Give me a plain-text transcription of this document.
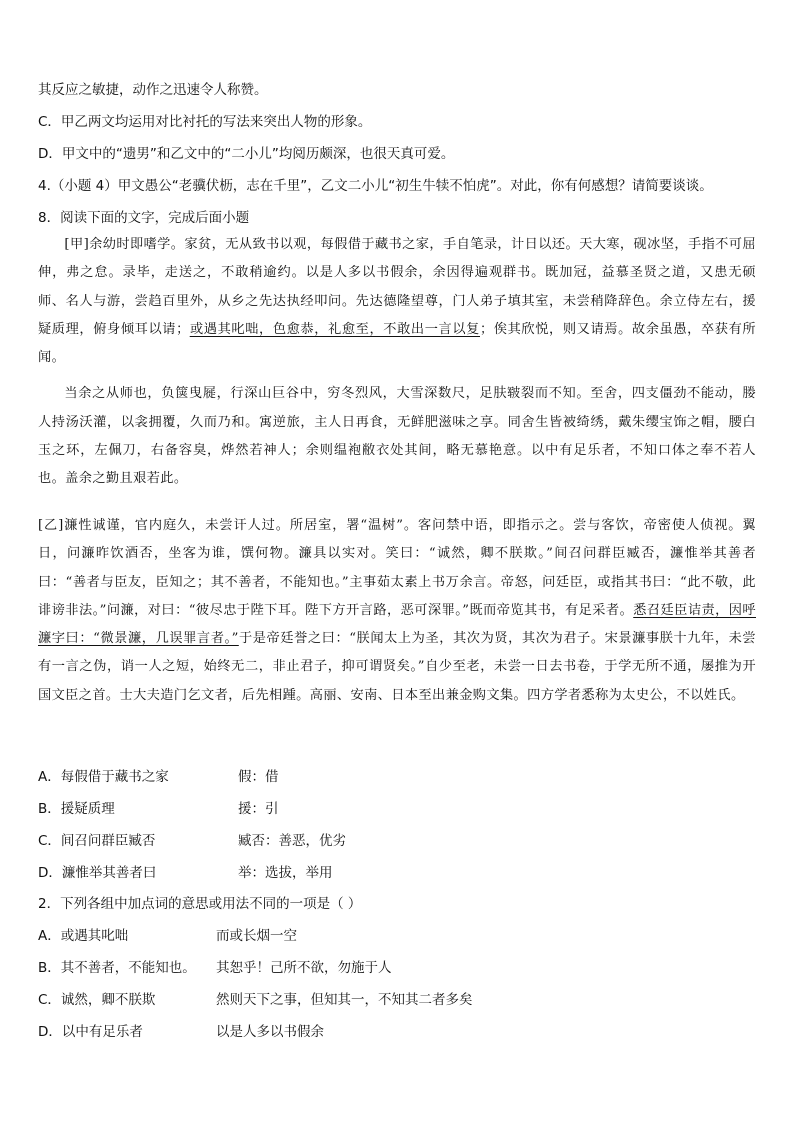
其反应之敏捷，动作之迅速令人称赞。
C．甲乙两文均运用对比衬托的写法来突出人物的形象。
D．甲文中的“遗男”和乙文中的“二小儿”均阅历颇深，也很天真可爱。
4.（小题 4）甲文愚公“老骥伏枥，志在千里”，乙文二小儿“初生牛犊不怕虎”。对此，你有何感想？请简要谈谈。
8．阅读下面的文字，完成后面小题

[甲]余幼时即嗜学。家贫，无从致书以观，每假借于藏书之家，手自笔录，计日以还。天大寒，砚冰坚，手指不可屈伸，弗之怠。录毕，走送之，不敢稍逾约。以是人多以书假余，余因得遍观群书。既加冠，益慕圣贤之道，又患无硕师、名人与游，尝趋百里外，从乡之先达执经叩问。先达德隆望尊，门人弟子填其室，未尝稍降辞色。余立侍左右，援疑质理，俯身倾耳以请；或遇其叱咄，色愈恭，礼愈至，不敢出一言以复；俟其欣悦，则又请焉。故余虽愚，卒获有所闻。

当余之从师也，负箧曳屣，行深山巨谷中，穷冬烈风，大雪深数尺，足肤皲裂而不知。至舍，四支僵劲不能动，媵人持汤沃灌，以衾拥覆，久而乃和。寓逆旅，主人日再食，无鲜肥滋味之享。同舍生皆被绮绣，戴朱缨宝饰之帽，腰白玉之环，左佩刀，右备容臭，烨然若神人；余则缊袍敝衣处其间，略无慕艳意。以中有足乐者，不知口体之奉不若人也。盖余之勤且艰若此。

[乙]濂性诚谨，官内庭久，未尝讦人过。所居室，署“温树”。客问禁中语，即指示之。尝与客饮，帝密使人侦视。翼日，问濂昨饮酒否，坐客为谁，馔何物。濂具以实对。笑曰：“诚然，卿不朕欺。”间召问群臣臧否，濂惟举其善者曰：“善者与臣友，臣知之；其不善者，不能知也。”主事茹太素上书万余言。帝怒，问廷臣，或指其书曰：“此不敬，此诽谤非法。”问濂，对曰：“彼尽忠于陛下耳。陛下方开言路，恶可深罪。”既而帝览其书，有足采者。悉召廷臣诘责，因呼濂字曰：“微景濂，几误罪言者。”于是帝廷誉之曰：“朕闻太上为圣，其次为贤，其次为君子。宋景濂事朕十九年，未尝有一言之伪，诮一人之短，始终无二，非止君子，抑可谓贤矣。”自少至老，未尝一日去书卷，于学无所不通，屡推为开国文臣之首。士大夫造门乞文者，后先相踵。高丽、安南、日本至出兼金购文集。四方学者悉称为太史公，不以姓氏。

A．每假借于藏书之家	假：借
B．援疑质理	援：引
C．间召问群臣臧否	臧否：善恶，优劣
D．濂惟举其善者曰	举：选拔，举用
2．下列各组中加点词的意思或用法不同的一项是（ ）
A．或遇其叱咄	而或长烟一空
B．其不善者，不能知也。 其恕乎！己所不欲，勿施于人
C．诚然，卿不朕欺	然则天下之事，但知其一，不知其二者多矣
D．以中有足乐者	以是人多以书假余
